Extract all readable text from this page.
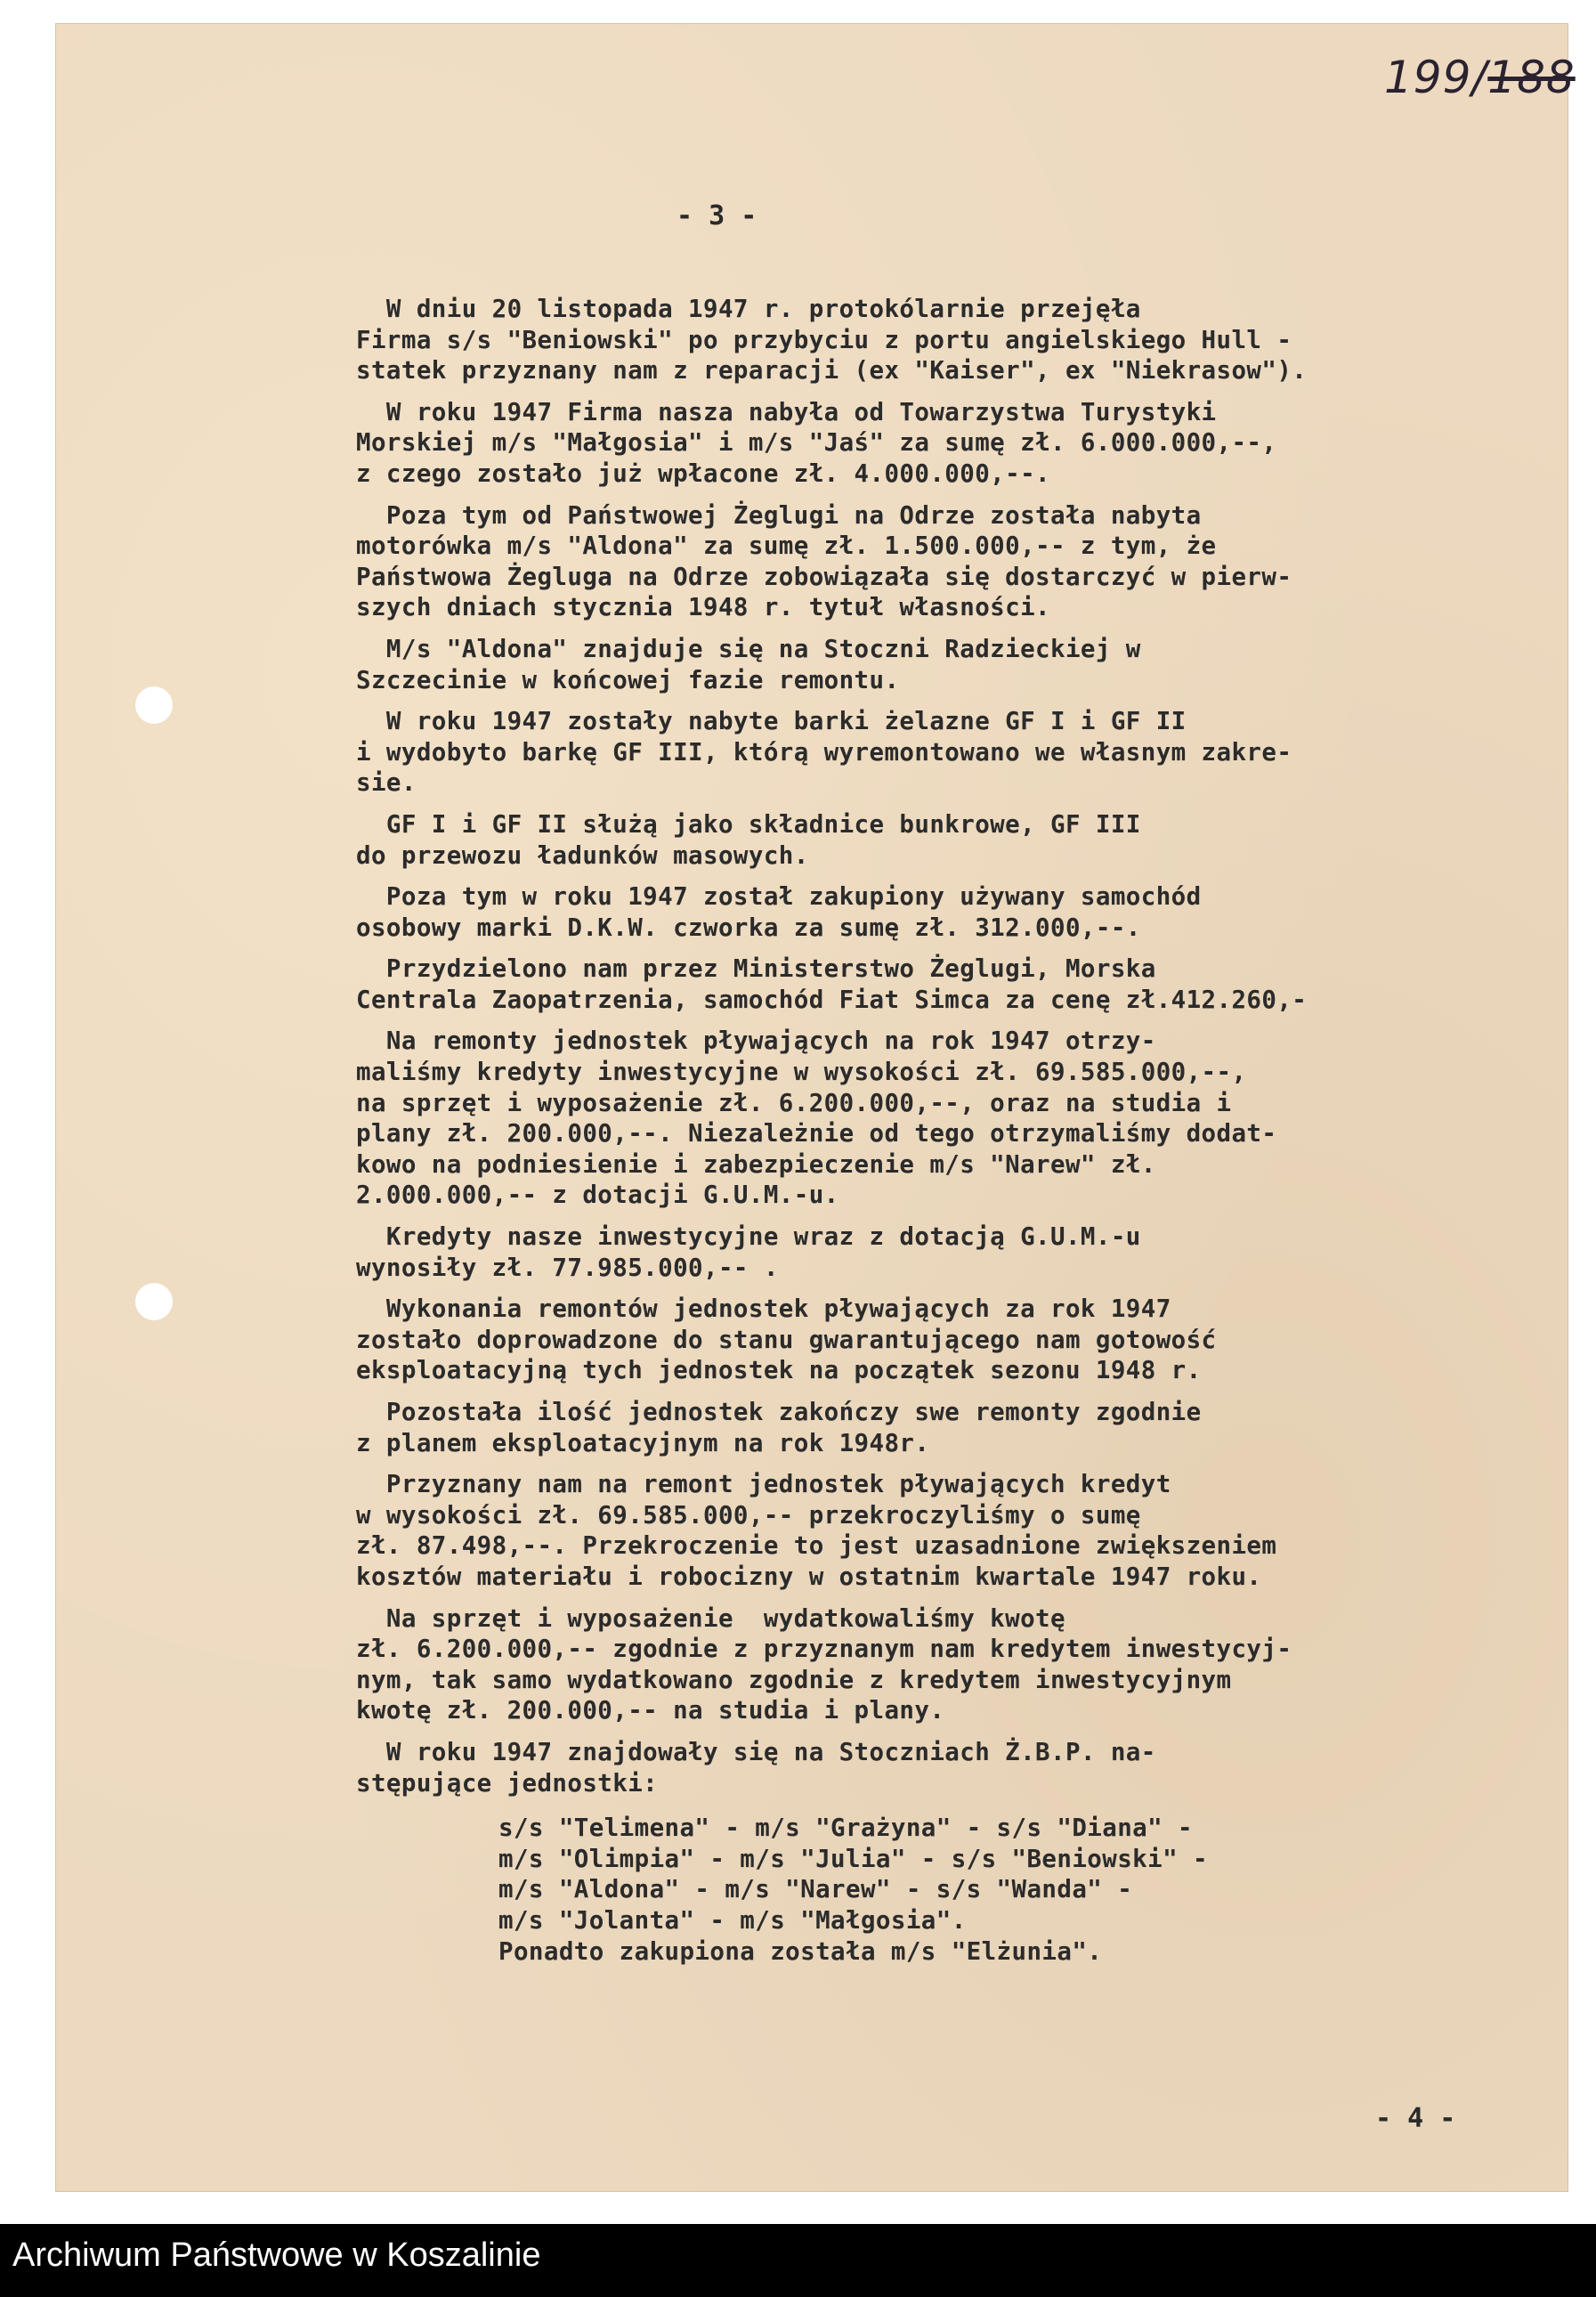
199/188
- 3 -
W dniu 20 listopada 1947 r. protokólarnie przejęła
Firma s/s "Beniowski" po przybyciu z portu angielskiego Hull -
statek przyznany nam z reparacji (ex "Kaiser", ex "Niekrasow").
W roku 1947 Firma nasza nabyła od Towarzystwa Turystyki
Morskiej m/s "Małgosia" i m/s "Jaś" za sumę zł. 6.000.000,--,
z czego zostało już wpłacone zł. 4.000.000,--.
Poza tym od Państwowej Żeglugi na Odrze została nabyta
motorówka m/s "Aldona" za sumę zł. 1.500.000,-- z tym, że
Państwowa Żegluga na Odrze zobowiązała się dostarczyć w pierw-
szych dniach stycznia 1948 r. tytuł własności.
M/s "Aldona" znajduje się na Stoczni Radzieckiej w
Szczecinie w końcowej fazie remontu.
W roku 1947 zostały nabyte barki żelazne GF I i GF II
i wydobyto barkę GF III, którą wyremontowano we własnym zakre-
sie.
GF I i GF II służą jako składnice bunkrowe, GF III
do przewozu ładunków masowych.
Poza tym w roku 1947 został zakupiony używany samochód
osobowy marki D.K.W. czworka za sumę zł. 312.000,--.
Przydzielono nam przez Ministerstwo Żeglugi, Morska
Centrala Zaopatrzenia, samochód Fiat Simca za cenę zł.412.260,-
Na remonty jednostek pływających na rok 1947 otrzy-
maliśmy kredyty inwestycyjne w wysokości zł. 69.585.000,--,
na sprzęt i wyposażenie zł. 6.200.000,--, oraz na studia i
plany zł. 200.000,--. Niezależnie od tego otrzymaliśmy dodat-
kowo na podniesienie i zabezpieczenie m/s "Narew" zł.
2.000.000,-- z dotacji G.U.M.-u.
Kredyty nasze inwestycyjne wraz z dotacją G.U.M.-u
wynosiły zł. 77.985.000,-- .
Wykonania remontów jednostek pływających za rok 1947
zostało doprowadzone do stanu gwarantującego nam gotowość
eksploatacyjną tych jednostek na początek sezonu 1948 r.
Pozostała ilość jednostek zakończy swe remonty zgodnie
z planem eksploatacyjnym na rok 1948r.
Przyznany nam na remont jednostek pływających kredyt
w wysokości zł. 69.585.000,-- przekroczyliśmy o sumę
zł. 87.498,--. Przekroczenie to jest uzasadnione zwiększeniem
kosztów materiału i robocizny w ostatnim kwartale 1947 roku.
Na sprzęt i wyposażenie  wydatkowaliśmy kwotę
zł. 6.200.000,-- zgodnie z przyznanym nam kredytem inwestycyj-
nym, tak samo wydatkowano zgodnie z kredytem inwestycyjnym
kwotę zł. 200.000,-- na studia i plany.
W roku 1947 znajdowały się na Stoczniach Ż.B.P. na-
stępujące jednostki:
s/s "Telimena" - m/s "Grażyna" - s/s "Diana" -
m/s "Olimpia" - m/s "Julia" - s/s "Beniowski" -
m/s "Aldona" - m/s "Narew" - s/s "Wanda" -
m/s "Jolanta" - m/s "Małgosia".
Ponadto zakupiona została m/s "Elżunia".
- 4 -
Archiwum Państwowe w Koszalinie
